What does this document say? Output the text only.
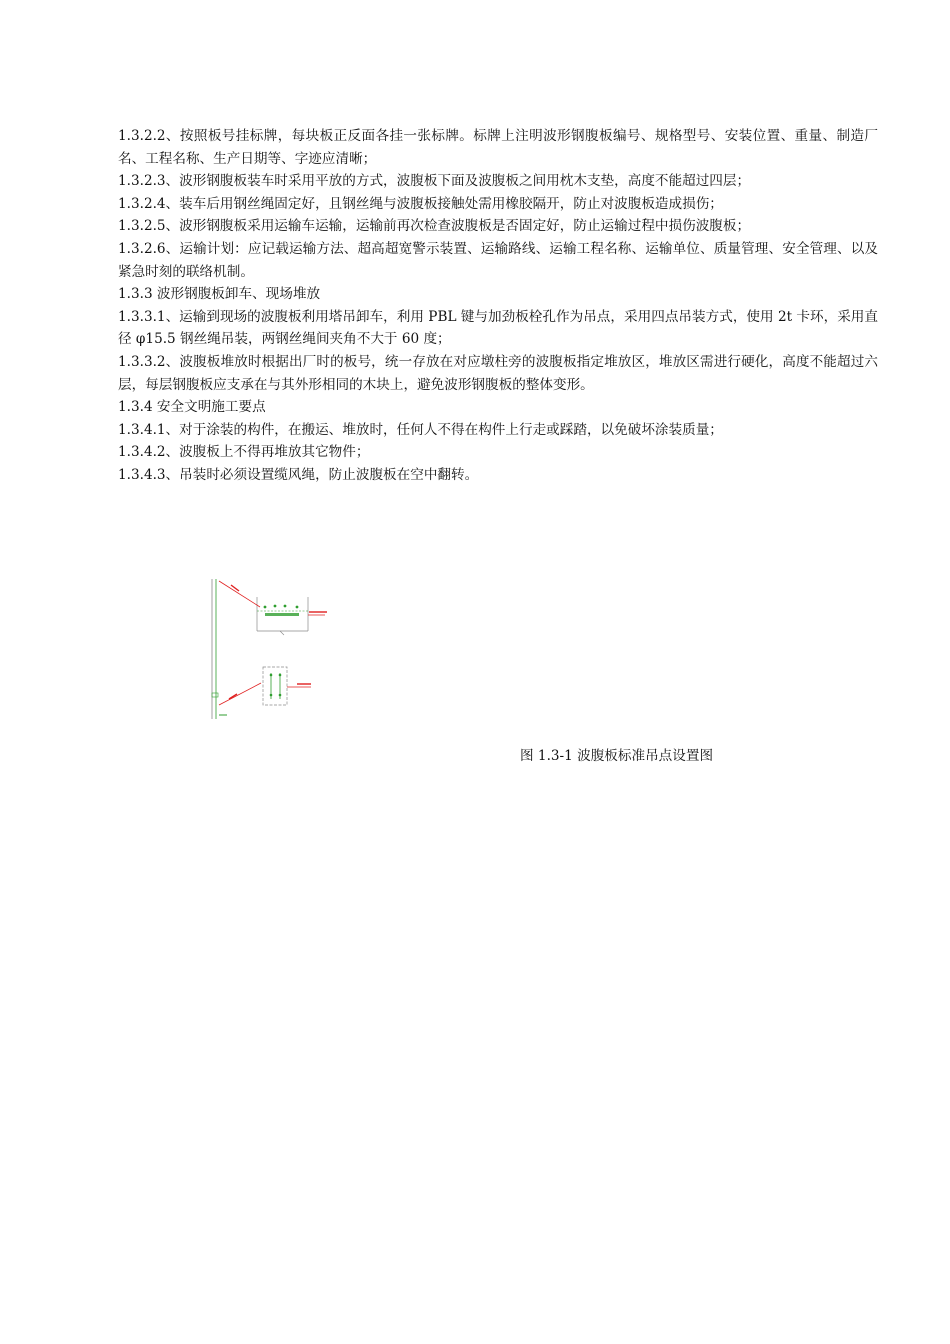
1.3.2.2、按照板号挂标牌，每块板正反面各挂一张标牌。标牌上注明波形钢腹板编号、规格型号、安装位置、重量、制造厂名、工程名称、生产日期等、字迹应清晰；

1.3.2.3、波形钢腹板装车时采用平放的方式，波腹板下面及波腹板之间用枕木支垫，高度不能超过四层；

1.3.2.4、装车后用钢丝绳固定好，且钢丝绳与波腹板接触处需用橡胶隔开，防止对波腹板造成损伤；

1.3.2.5、波形钢腹板采用运输车运输，运输前再次检查波腹板是否固定好，防止运输过程中损伤波腹板；

1.3.2.6、运输计划：应记载运输方法、超高超宽警示装置、运输路线、运输工程名称、运输单位、质量管理、安全管理、以及紧急时刻的联络机制。

1.3.3 波形钢腹板卸车、现场堆放

1.3.3.1、运输到现场的波腹板利用塔吊卸车，利用 PBL 键与加劲板栓孔作为吊点，采用四点吊装方式，使用 2t 卡环，采用直径 φ15.5 钢丝绳吊装，两钢丝绳间夹角不大于 60 度；

1.3.3.2、波腹板堆放时根据出厂时的板号，统一存放在对应墩柱旁的波腹板指定堆放区，堆放区需进行硬化，高度不能超过六层，每层钢腹板应支承在与其外形相同的木块上，避免波形钢腹板的整体变形。

1.3.4 安全文明施工要点

1.3.4.1、对于涂装的构件，在搬运、堆放时，任何人不得在构件上行走或踩踏，以免破坏涂装质量；

1.3.4.2、波腹板上不得再堆放其它物件；

1.3.4.3、吊装时必须设置缆风绳，防止波腹板在空中翻转。

图 1.3-1 波腹板标准吊点设置图
